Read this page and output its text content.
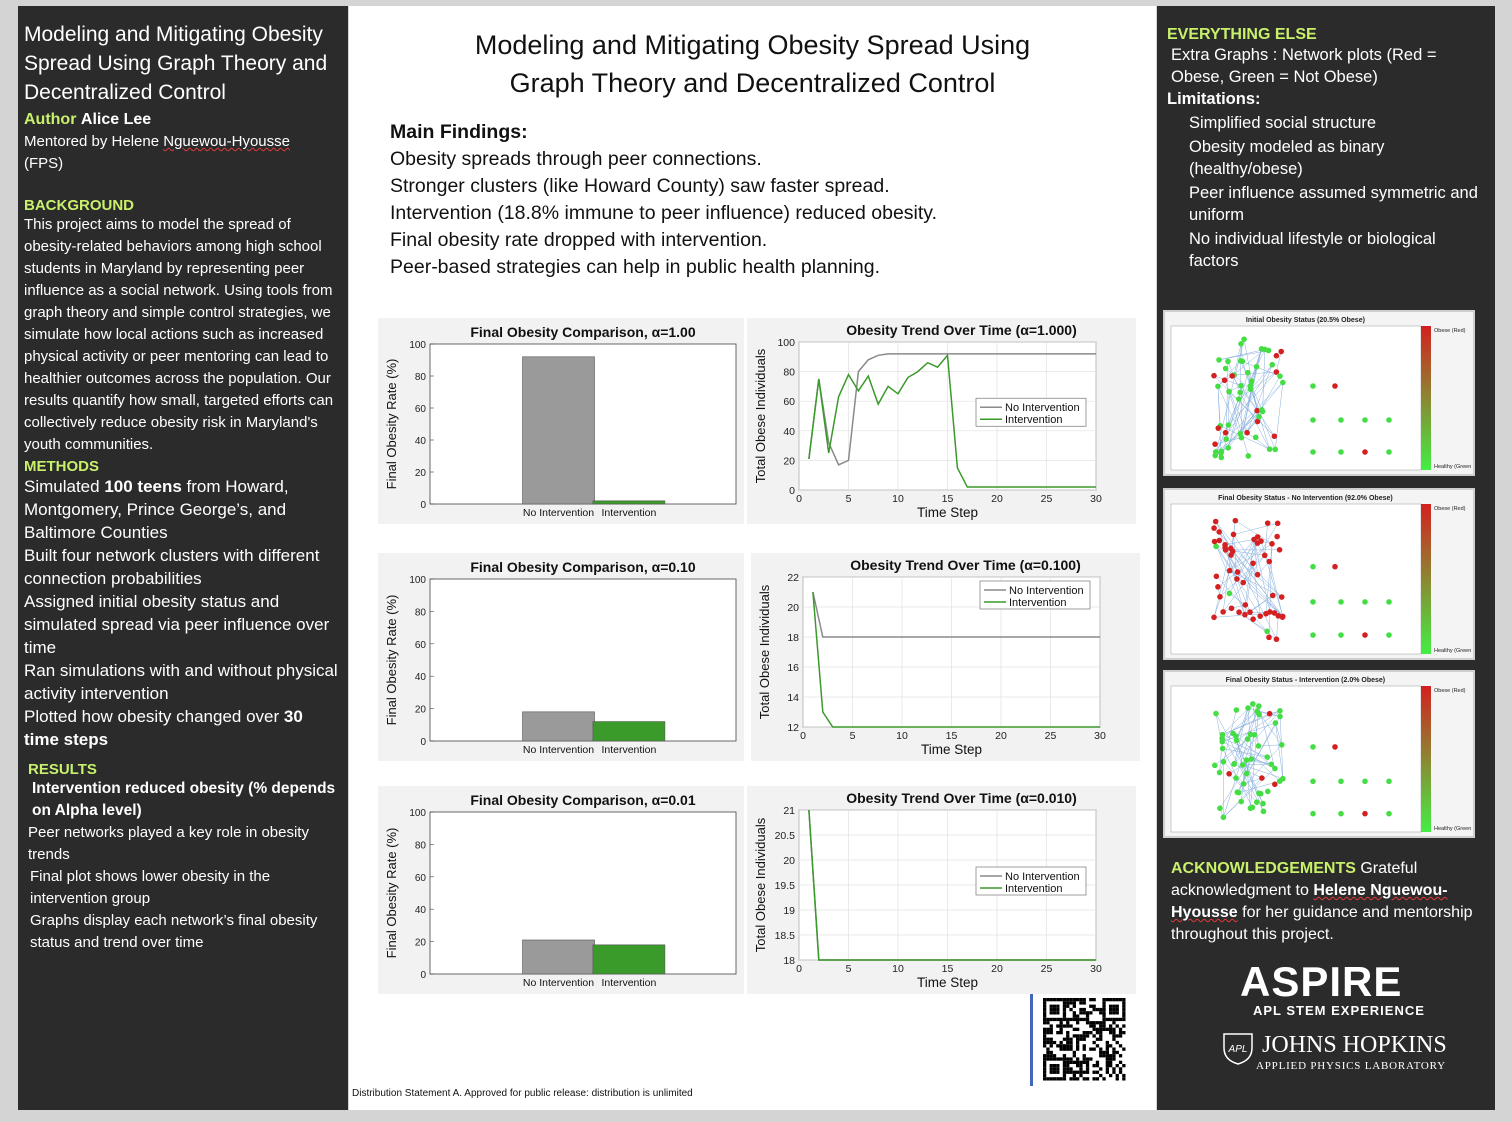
Modeling and Mitigating Obesity Spread Using Graph Theory and Decentralized Control
Author Alice Lee
Mentored by Helene Nguewou-Hyousse
(FPS)
BACKGROUND

This project aims to model the spread of obesity-related behaviors among high school students in Maryland by representing peer influence as a social network. Using tools from graph theory and simple control strategies, we simulate how local actions such as increased physical activity or peer mentoring can lead to healthier outcomes across the population. Our results quantify how small, targeted efforts can collectively reduce obesity risk in Maryland's youth communities.

METHODS

Simulated 100 teens from Howard, Montgomery, Prince George’s, and Baltimore Counties

Built four network clusters with different connection probabilities

Assigned initial obesity status and simulated spread via peer influence over time

Ran simulations with and without physical activity intervention

Plotted how obesity changed over 30 time steps

RESULTS

Intervention reduced obesity (% depends on Alpha level)

Peer networks played a key role in obesity trends

Final plot shows lower obesity in the intervention group

Graphs display each network’s final obesity status and trend over time

Modeling and Mitigating Obesity Spread Using Graph Theory and Decentralized Control
Main Findings:
Obesity spreads through peer connections.
Stronger clusters (like Howard County) saw faster spread.
Intervention (18.8% immune to peer influence) reduced obesity.
Final obesity rate dropped with intervention.
Peer-based strategies can help in public health planning.
Distribution Statement A. Approved for public release: distribution is unlimited
Final Obesity Comparison, α=1.00
0
20
40
60
80
100
Final Obesity Rate (%)
No Intervention Intervention
Obesity Trend Over Time (α=1.000)
0	5	10	15	20	25	30
0
20
40
60
80
100
Time Step
Total Obese Individuals	No Intervention
Intervention
Final Obesity Comparison, α=0.10
0
20
40
60
80
100
Final Obesity Rate (%)
No Intervention Intervention
Obesity Trend Over Time (α=0.100)
0	5	10	15	20	25	30
12
14
16
18
20
22
Time Step
Total Obese Individuals	No Intervention
Intervention
Final Obesity Comparison, α=0.01
0
20
40
60
80
100
Final Obesity Rate (%)
No Intervention Intervention
Obesity Trend Over Time (α=0.010)
0	5	10	15	20	25	30
18
18.5
19
19.5
20
20.5
21
Time Step
Total Obese Individuals	No Intervention
Intervention
EVERYTHING ELSE

Extra Graphs : Network plots (Red = Obese, Green = Not Obese)

Limitations:

Simplified social structure

Obesity modeled as binary (healthy/obese)

Peer influence assumed symmetric and uniform

No individual lifestyle or biological factors

ACKNOWLEDGEMENTS Grateful acknowledgment to Helene Nguewou-Hyousse for her guidance and mentorship throughout this project.
Initial Obesity Status (20.5% Obese)
Obese (Red)
Healthy (Green
Final Obesity Status - No Intervention (92.0% Obese)
Obese (Red)
Healthy (Green
Final Obesity Status - Intervention (2.0% Obese)
Obese (Red)
Healthy (Green
ASPIRE
APL STEM EXPERIENCE
APL JOHNS HOPKINS
APPLIED PHYSICS LABORATORY
